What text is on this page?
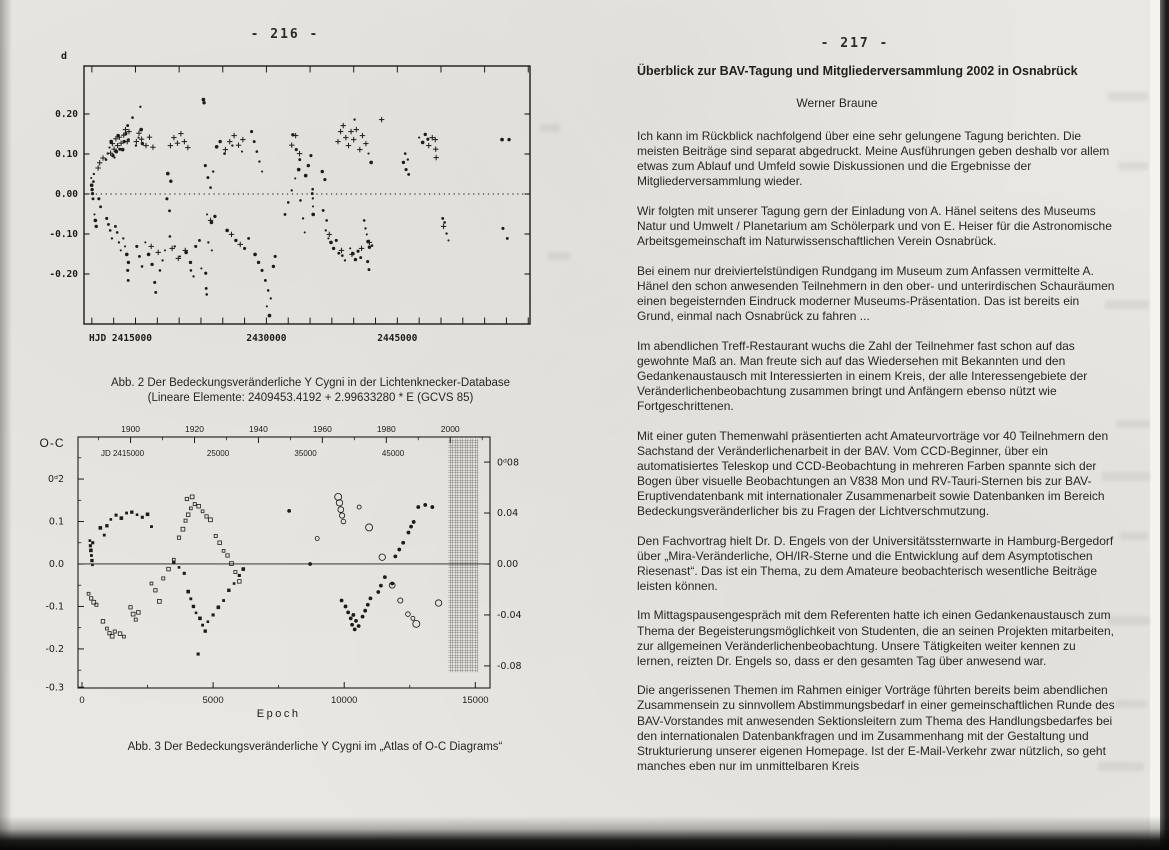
- 216 -
0.20
0.10
0.00
-0.10
-0.20
HJD 2415000	2430000	2445000
d
0ᵈ2
0.1
0.0
-0.1
-0.2
-0.3
0ᵈ08
0.04
0.00
-0.04
-0.08
1900	1920	1940	1960	1980	2000
JD 2415000	25000	35000	45000
0	5000	10000	15000
O-C
Epoch
Abb. 2 Der Bedeckungsveränderliche Y Cygni in der Lichtenknecker-Database
(Lineare Elemente: 2409453.4192 + 2.99633280 * E (GCVS 85)
Abb. 3 Der Bedeckungsveränderliche Y Cygni im „Atlas of O-C Diagrams“
- 217 -
Überblick zur BAV-Tagung und Mitgliederversammlung 2002 in Osnabrück
Werner Braune

Ich kann im Rückblick nachfolgend über eine sehr gelungene Tagung berichten. Die meisten Beiträge sind separat abgedruckt. Meine Ausführungen geben deshalb vor allem etwas zum Ablauf und Umfeld sowie Diskussionen und die Ergebnisse der Mitgliederversammlung wieder.

Wir folgten mit unserer Tagung gern der Einladung von A. Hänel seitens des Museums Natur und Umwelt / Planetarium am Schölerpark und von E. Heiser für die Astronomische Arbeitsgemeinschaft im Naturwissenschaftlichen Verein Osnabrück.

Bei einem nur dreiviertelstündigen Rundgang im Museum zum Anfassen vermittelte A. Hänel den schon anwesenden Teilnehmern in den ober- und unterirdischen Schauräumen einen begeisternden Eindruck moderner Museums-Präsentation. Das ist bereits ein Grund, einmal nach Osnabrück zu fahren ...

Im abendlichen Treff-Restaurant wuchs die Zahl der Teilnehmer fast schon auf das gewohnte Maß an. Man freute sich auf das Wiedersehen mit Bekannten und den Gedankenaustausch mit Interessierten in einem Kreis, der alle Interessengebiete der Veränderlichenbeobachtung zusammen bringt und Anfängern ebenso nützt wie Fortgeschrittenen.

Mit einer guten Themenwahl präsentierten acht Amateurvorträge vor 40 Teilnehmern den Sachstand der Veränderlichenarbeit in der BAV. Vom CCD-Beginner, über ein automatisiertes Teleskop und CCD-Beobachtung in mehreren Farben spannte sich der Bogen über visuelle Beobachtungen an V838 Mon und RV-Tauri-Sternen bis zur BAV-Eruptivendatenbank mit internationaler Zusammenarbeit sowie Datenbanken im Bereich Bedeckungsveränderlicher bis zu Fragen der Lichtverschmutzung.

Den Fachvortrag hielt Dr. D. Engels von der Universitätssternwarte in Hamburg-Bergedorf über „Mira-Veränderliche, OH/IR-Sterne und die Entwicklung auf dem Asymptotischen Riesenast“. Das ist ein Thema, zu dem Amateure beobachterisch wesentliche Beiträge leisten können.

Im Mittagspausengespräch mit dem Referenten hatte ich einen Gedankenaustausch zum Thema der Begeisterungsmöglichkeit von Studenten, die an seinen Projekten mitarbeiten, zur allgemeinen Veränderlichenbeobachtung. Unsere Tätigkeiten weiter kennen zu lernen, reizten Dr. Engels so, dass er den gesamten Tag über anwesend war.

Die angerissenen Themen im Rahmen einiger Vorträge führten bereits beim abendlichen Zusammensein zu sinnvollem Abstimmungsbedarf in einer gemeinschaftlichen Runde des BAV-Vorstandes mit anwesenden Sektionsleitern zum Thema des Handlungsbedarfes bei den internationalen Datenbankfragen und im Zusammenhang mit der Gestaltung und Strukturierung unserer eigenen Homepage. Ist der E-Mail-Verkehr zwar nützlich, so geht manches eben nur im unmittelbaren Kreis
